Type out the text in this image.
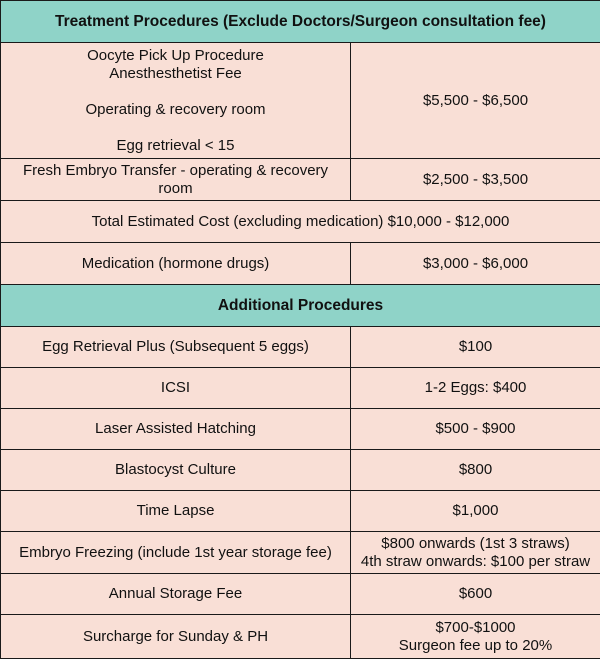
Treatment Procedures (Exclude Doctors/Surgeon consultation fee)	

Oocyte Pick Up Procedure
Anesthesthetist Fee
Operating & recovery room
Egg retrieval < 15	$5,500 - $6,500

Fresh Embryo Transfer - operating & recovery
room	$2,500 - $3,500
Total Estimated Cost (excluding medication) $10,000 - $12,000	
Medication (hormone drugs)	$3,000 - $6,000
Additional Procedures	
Egg Retrieval Plus (Subsequent 5 eggs)	$100
ICSI	1-2 Eggs: $400
Laser Assisted Hatching	$500 - $900
Blastocyst Culture	$800
Time Lapse	$1,000
Embryo Freezing (include 1st year storage fee)	$800 onwards (1st 3 straws)
4th straw onwards: $100 per straw

Annual Storage Fee	$600
Surcharge for Sunday & PH	$700-$1000
Surgeon fee up to 20%
